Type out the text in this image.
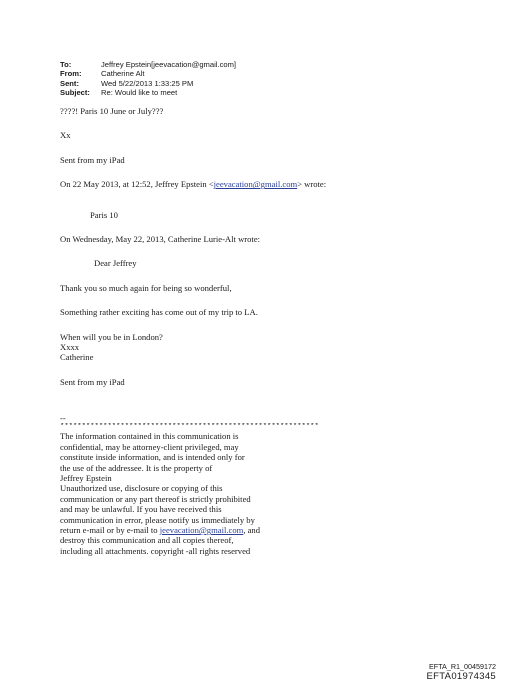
To:	Jeffrey Epstein[jeevacation@gmail.com]
From:	Catherine Alt
Sent:	Wed 5/22/2013 1:33:25 PM
Subject:	Re: Would like to meet

????! Paris 10 June or July???

Xx

Sent from my iPad

On 22 May 2013, at 12:52, Jeffrey Epstein <jeevacation@gmail.com> wrote:

Paris 10

On Wednesday, May 22, 2013, Catherine Lurie-Alt wrote:

Dear Jeffrey

Thank you so much again for being so wonderful,

Something rather exciting has come out of my trip to LA.

When will you be in London?

Xxxx

Catherine

Sent from my iPad

--

************************************************************

The information contained in this communication is

confidential, may be attorney-client privileged, may

constitute inside information, and is intended only for

the use of the addressee. It is the property of

Jeffrey Epstein

Unauthorized use, disclosure or copying of this

communication or any part thereof is strictly prohibited

and may be unlawful. If you have received this

communication in error, please notify us immediately by

return e-mail or by e-mail to jeevacation@gmail.com, and

destroy this communication and all copies thereof,

including all attachments. copyright -all rights reserved

EFTA_R1_00459172
EFTA01974345
